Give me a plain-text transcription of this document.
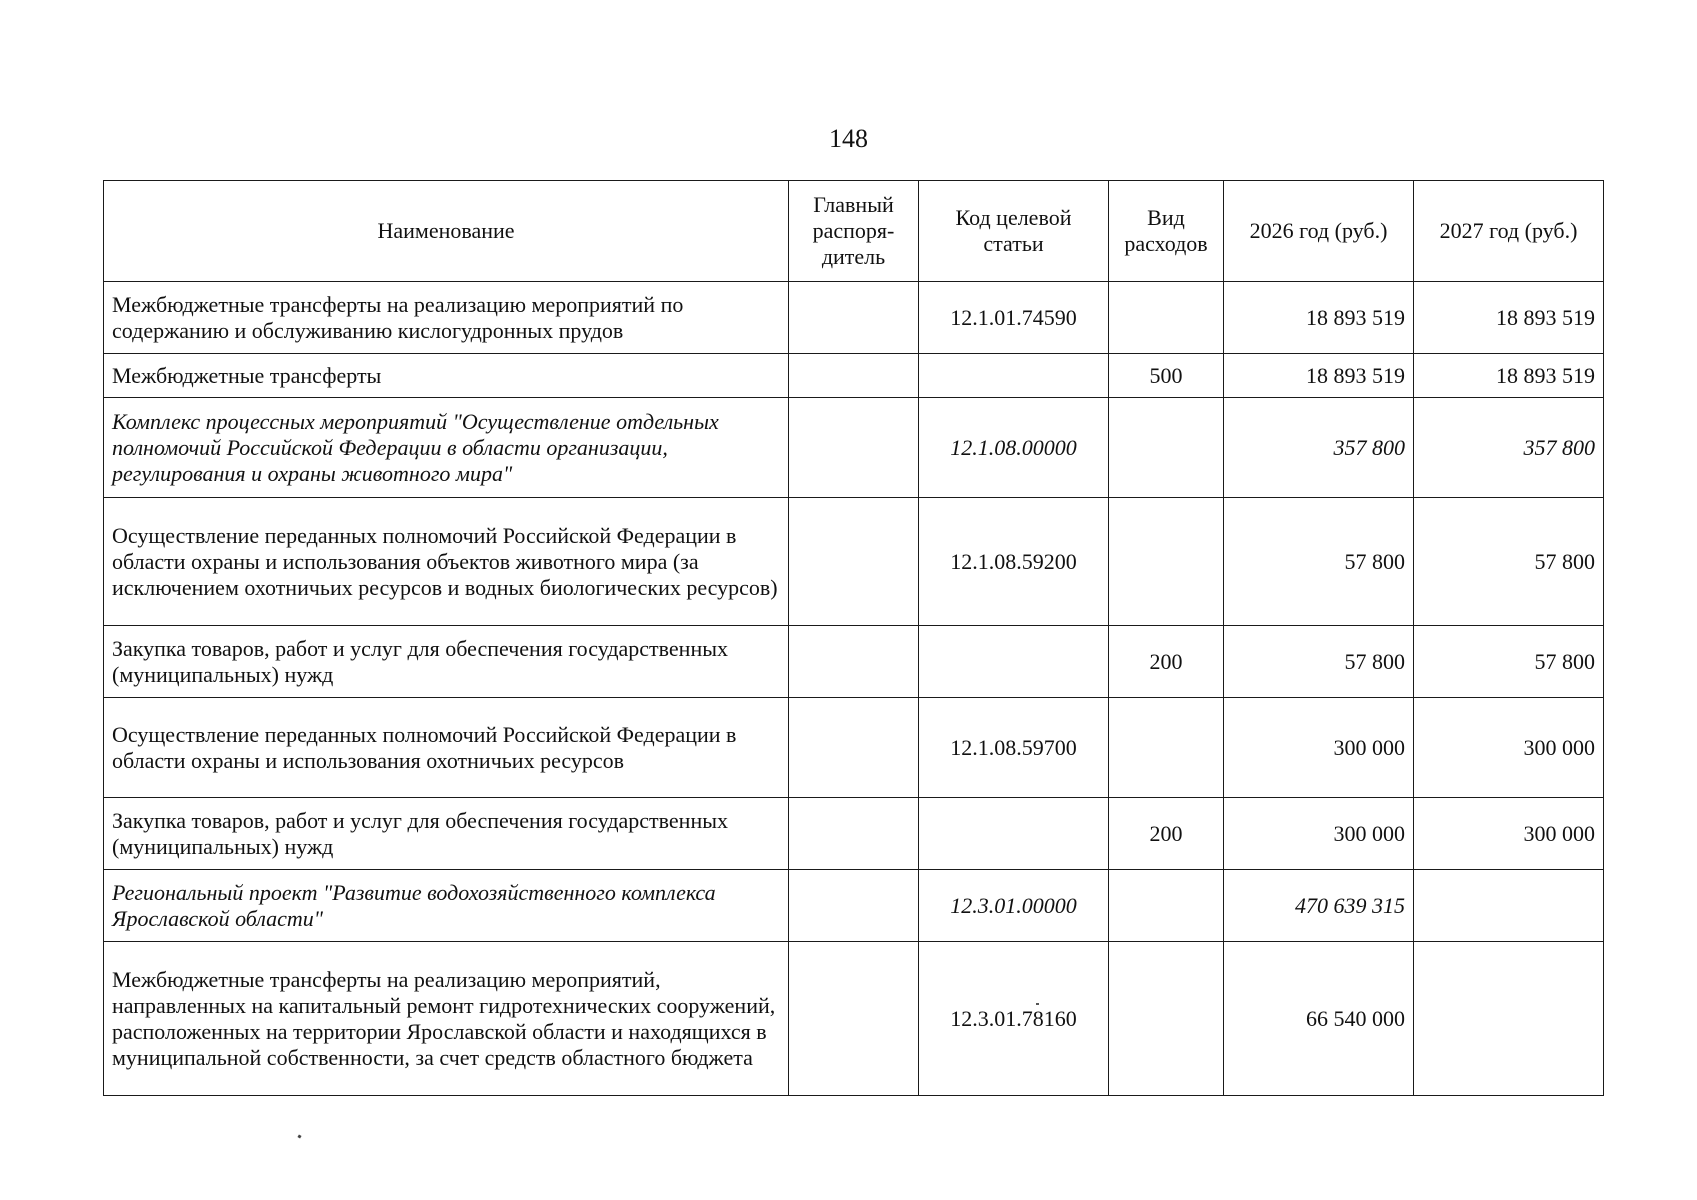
148
Наименование	Главный распоря-дитель	Код целевой статьи	Вид расходов	2026 год (руб.)	2027 год (руб.)
Межбюджетные трансферты на реализацию мероприятий по содержанию и обслуживанию кислогудронных прудов		12.1.01.74590		18 893 519	18 893 519
Межбюджетные трансферты			500	18 893 519	18 893 519
Комплекс процессных мероприятий "Осуществление отдельных полномочий Российской Федерации в области организации, регулирования и охраны животного мира"		12.1.08.00000		357 800	357 800
Осуществление переданных полномочий Российской Федерации в области охраны и использования объектов животного мира (за исключением охотничьих ресурсов и водных биологических ресурсов)		12.1.08.59200		57 800	57 800
Закупка товаров, работ и услуг для обеспечения государственных (муниципальных) нужд			200	57 800	57 800
Осуществление переданных полномочий Российской Федерации в области охраны и использования охотничьих ресурсов		12.1.08.59700		300 000	300 000
Закупка товаров, работ и услуг для обеспечения государственных (муниципальных) нужд			200	300 000	300 000
Региональный проект "Развитие водохозяйственного комплекса Ярославской области"		12.3.01.00000		470 639 315	
Межбюджетные трансферты на реализацию мероприятий, направленных на капитальный ремонт гидротехнических сооружений, расположенных на территории Ярославской области и находящихся в муниципальной собственности, за счет средств областного бюджета		12.3.01.78160		66 540 000	
